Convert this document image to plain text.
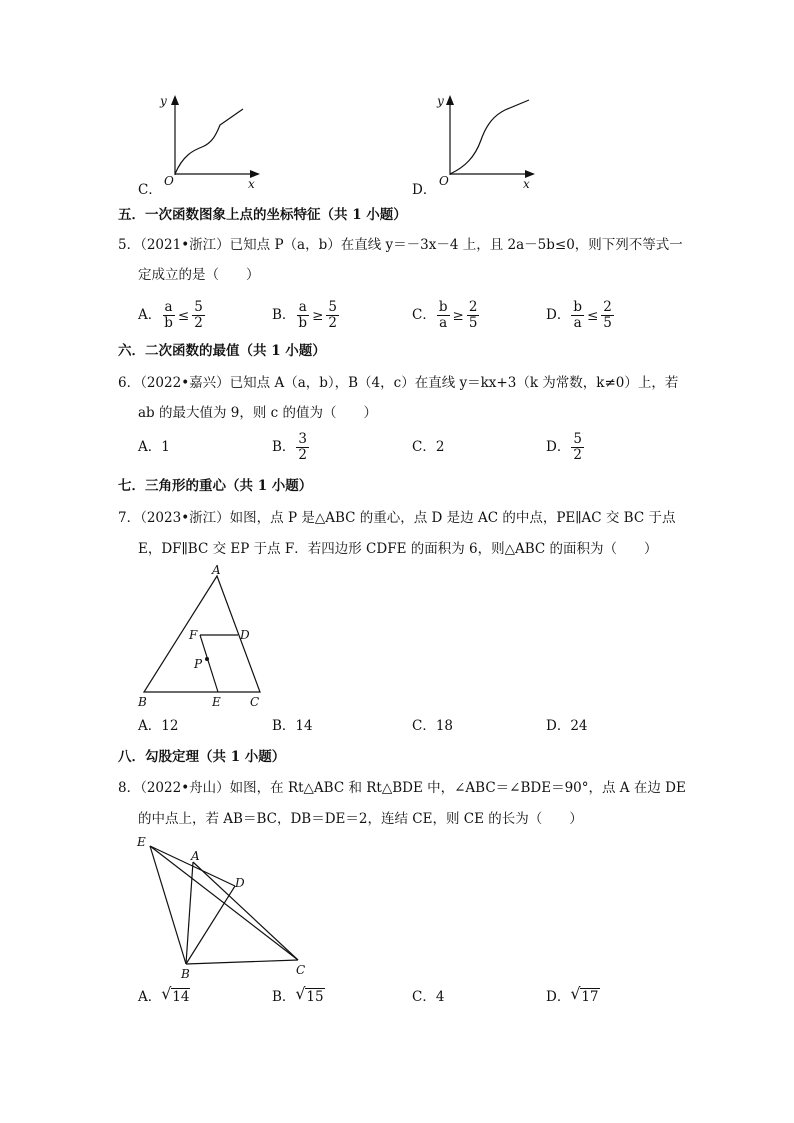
C．
y
O	x	D．
y
O	x
五．一次函数图象上点的坐标特征（共 1 小题）
5．（2021•浙江）已知点 P（a，b）在直线 y＝－3x－4 上，且 2a－5b≤0，则下列不等式一
定成立的是（　　）
A． $\frac{a}{b} \le \frac{5}{2}$	B． $\frac{a}{b} \ge \frac{5}{2}$	C． $\frac{b}{a} \ge \frac{2}{5}$	D． $\frac{b}{a} \le \frac{2}{5}$
六．二次函数的最值（共 1 小题）
6．（2022•嘉兴）已知点 A（a，b），B（4，c）在直线 y＝kx+3（k 为常数，k≠0）上，若
ab 的最大值为 9，则 c 的值为（　　）
A．1	B． $\frac{3}{2}$	C．2	D． $\frac{5}{2}$
七．三角形的重心（共 1 小题）
7．（2023•浙江）如图，点 P 是△ABC 的重心，点 D 是边 AC 的中点，PE∥AC 交 BC 于点
E，DF∥BC 交 EP 于点 F．若四边形 CDFE 的面积为 6，则△ABC 的面积为（　　）
A
B	C
D
E
F
P
A．12	B．14	C．18	D．24
八．勾股定理（共 1 小题）
8．（2022•舟山）如图，在 Rt△ABC 和 Rt△BDE 中，∠ABC＝∠BDE＝90°，点 A 在边 DE
的中点上，若 AB＝BC，DB＝DE＝2，连结 CE，则 CE 的长为（　　）
E
A
D
B	C
A． √ 14	B． √ 15	C．4	D． √ 17
